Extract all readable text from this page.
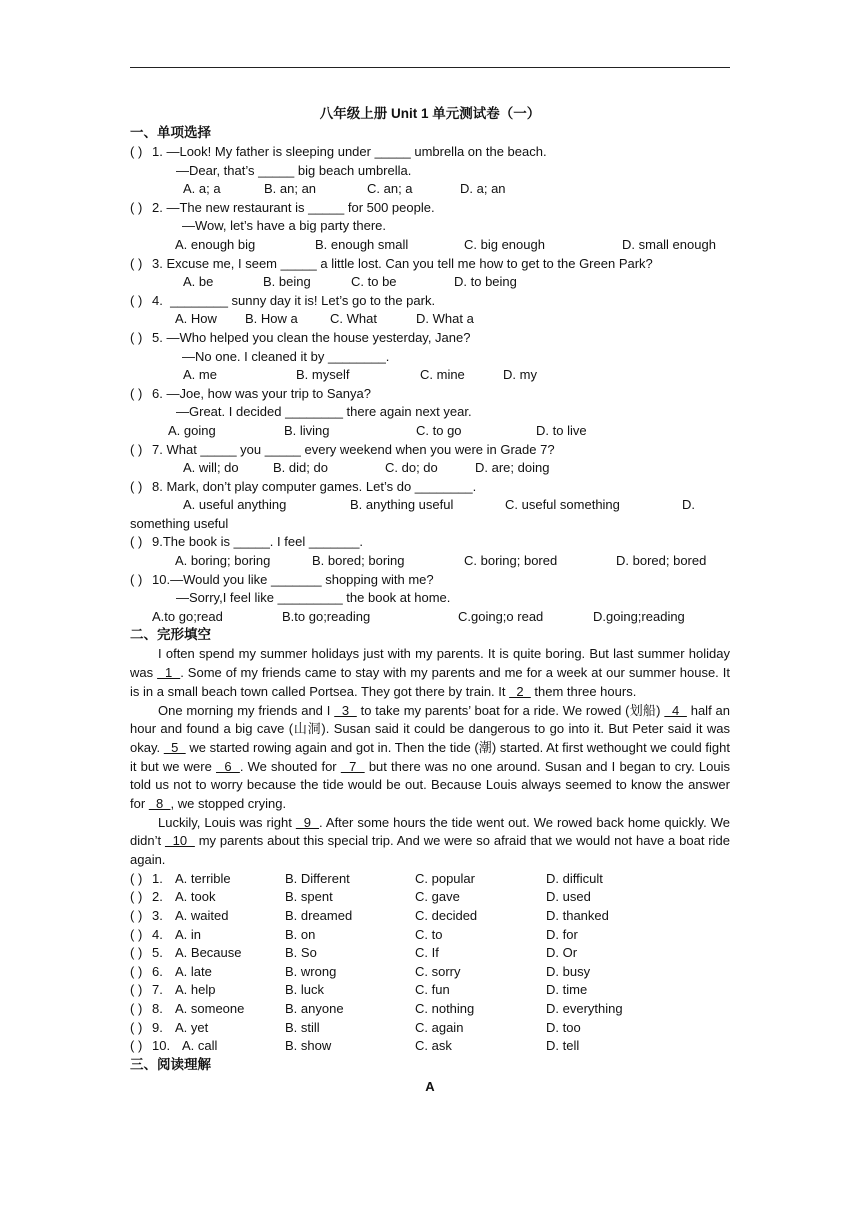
八年级上册 Unit 1 单元测试卷（一）
一、单项选择
( ) 1. —Look! My father is sleeping under _____ umbrella on the beach.
—Dear, that’s _____ big beach umbrella.
A. a; a	B. an; an	C. an; a	D. a; an
( ) 2. —The new restaurant is _____ for 500 people.
—Wow, let’s have a big party there.
A. enough big	B. enough small	C. big enough	D. small enough
( ) 3. Excuse me, I seem _____ a little lost. Can you tell me how to get to the Green Park?
A. be	B. being	C. to be	D. to being
( ) 4. ________ sunny day it is! Let’s go to the park.
A. How B. How a C. What	D. What a
( ) 5. —Who helped you clean the house yesterday, Jane?
—No one. I cleaned it by ________.
A. me	B. myself	C. mine	D. my
( ) 6. —Joe, how was your trip to Sanya?
—Great. I decided ________ there again next year.
A. going	B. living	C. to go	D. to live
( ) 7. What _____ you _____ every weekend when you were in Grade 7?
A. will; do	B. did; do	C. do; do	D. are; doing
( ) 8. Mark, don’t play computer games. Let’s do ________.
A. useful anything	B. anything useful	C. useful something	D.
something useful
( ) 9.The book is _____. I feel _______.
A. boring; boring	B. bored; boring	C. boring; bored	D. bored; bored
( ) 10.—Would you like _______ shopping with me?
—Sorry,I feel like _________ the book at home.
A.to go;read	B.to go;reading	C.going;o read	D.going;reading
二、完形填空

I often spend my summer holidays just with my parents. It is quite boring. But last summer holiday was   1  . Some of my friends came to stay with my parents and me for a week at our summer house. It is in a small beach town called Portsea. They got there by train. It   2   them three hours.

One morning my friends and I   3   to take my parents’ boat for a ride. We rowed (划船)   4   half an hour and found a big cave (山洞). Susan said it could be dangerous to go into it. But Peter said it was okay.   5   we started rowing again and got in. Then the tide (潮) started. At first wethought we could fight it but we were   6  . We shouted for   7   but there was no one around. Susan and I began to cry. Louis told us not to worry because the tide would be out. Because Louis always seemed to know the answer for   8  , we stopped crying.

Luckily, Louis was right   9  . After some hours the tide went out. We rowed back home quickly. We didn’t   10   my parents about this special trip. And we were so afraid that we would not have a boat ride again.

( ) 1. A. terrible	B. Different	C. popular	D. difficult
( ) 2. A. took	B. spent	C. gave	D. used
( ) 3. A. waited	B. dreamed	C. decided	D. thanked
( ) 4. A. in	B. on	C. to	D. for
( ) 5. A. Because	B. So	C. If	D. Or
( ) 6. A. late	B. wrong	C. sorry	D. busy
( ) 7. A. help	B. luck	C. fun	D. time
( ) 8. A. someone	B. anyone	C. nothing	D. everything
( ) 9. A. yet	B. still	C. again	D. too
( ) 10. A. call	B. show	C. ask	D. tell
三、阅读理解
A
